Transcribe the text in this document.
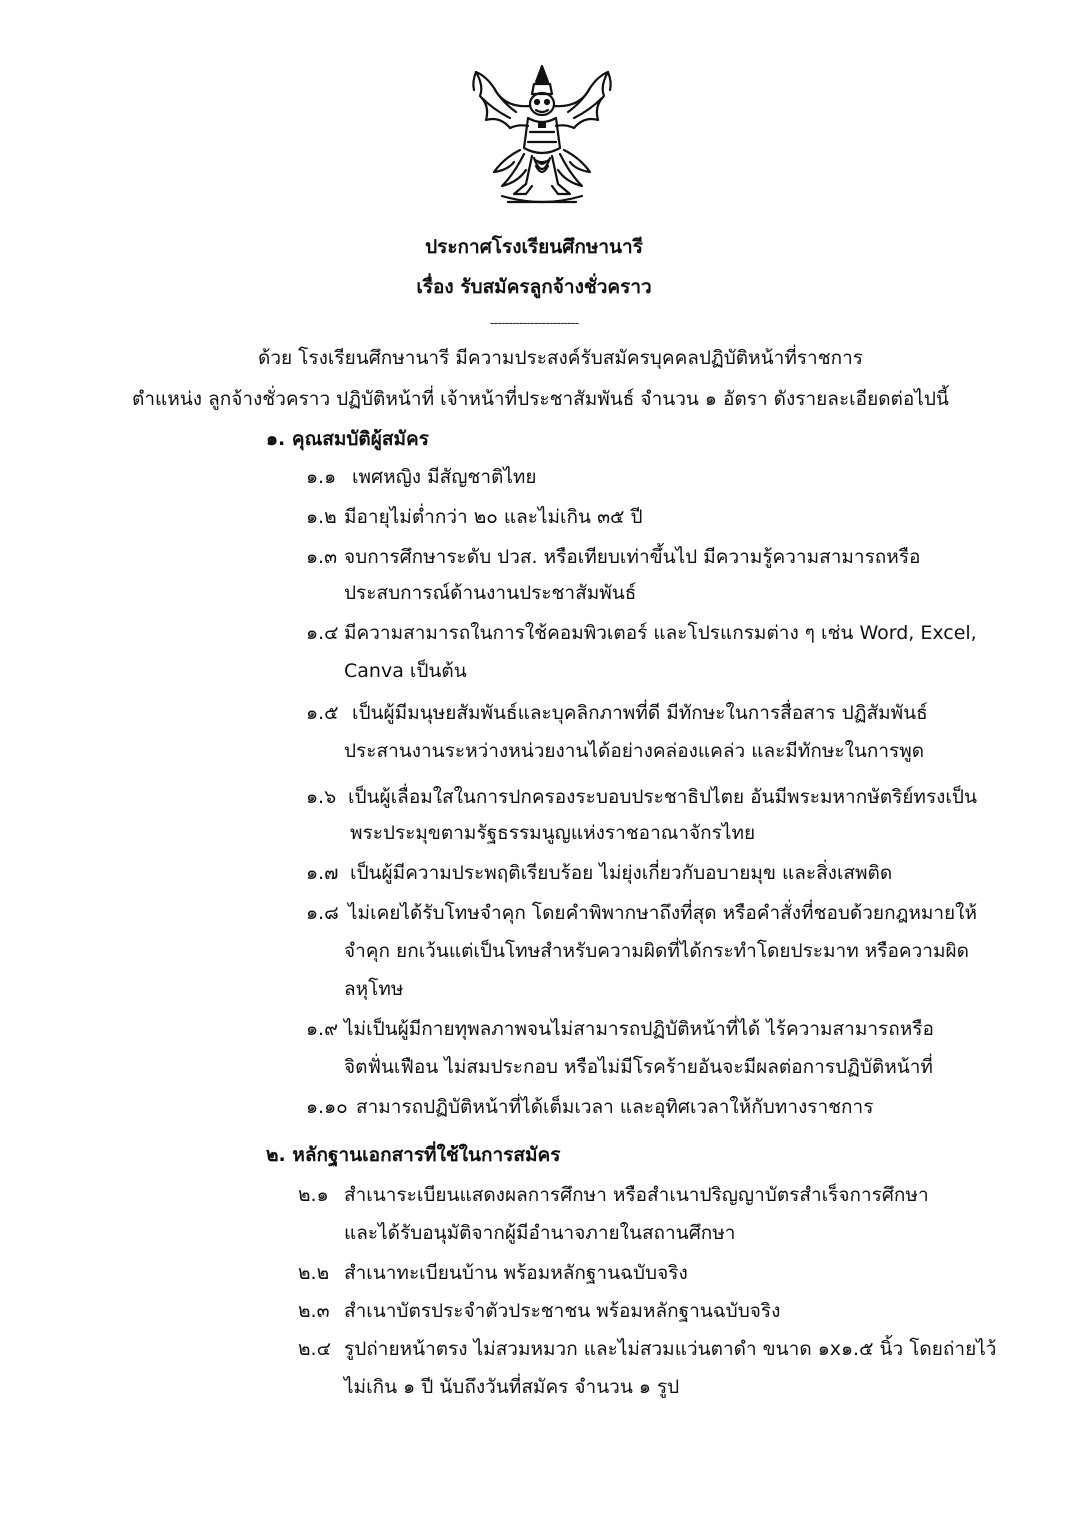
ประกาศโรงเรียนศึกษานารี
เรื่อง รับสมัครลูกจ้างชั่วคราว
------------------------
ด้วย โรงเรียนศึกษานารี มีความประสงค์รับสมัครบุคคลปฏิบัติหน้าที่ราชการ
ตำแหน่ง ลูกจ้างชั่วคราว ปฏิบัติหน้าที่ เจ้าหน้าที่ประชาสัมพันธ์ จำนวน ๑ อัตรา ดังรายละเอียดต่อไปนี้
๑. คุณสมบัติผู้สมัคร
๑.๑ เพศหญิง มีสัญชาติไทย
๑.๒ มีอายุไม่ต่ำกว่า ๒๐ และไม่เกิน ๓๕ ปี
๑.๓ จบการศึกษาระดับ ปวส. หรือเทียบเท่าขึ้นไป มีความรู้ความสามารถหรือ
ประสบการณ์ด้านงานประชาสัมพันธ์
๑.๔ มีความสามารถในการใช้คอมพิวเตอร์ และโปรแกรมต่าง ๆ เช่น Word, Excel,
Canva เป็นต้น
๑.๕ เป็นผู้มีมนุษยสัมพันธ์และบุคลิกภาพที่ดี มีทักษะในการสื่อสาร ปฏิสัมพันธ์
ประสานงานระหว่างหน่วยงานได้อย่างคล่องแคล่ว และมีทักษะในการพูด
๑.๖ เป็นผู้เลื่อมใสในการปกครองระบอบประชาธิปไตย อันมีพระมหากษัตริย์ทรงเป็น
พระประมุขตามรัฐธรรมนูญแห่งราชอาณาจักรไทย
๑.๗ เป็นผู้มีความประพฤติเรียบร้อย ไม่ยุ่งเกี่ยวกับอบายมุข และสิ่งเสพติด
๑.๘ ไม่เคยได้รับโทษจำคุก โดยคำพิพากษาถึงที่สุด หรือคำสั่งที่ชอบด้วยกฎหมายให้
จำคุก ยกเว้นแต่เป็นโทษสำหรับความผิดที่ได้กระทำโดยประมาท หรือความผิด
ลหุโทษ
๑.๙ ไม่เป็นผู้มีกายทุพลภาพจนไม่สามารถปฏิบัติหน้าที่ได้ ไร้ความสามารถหรือ
จิตฟั่นเฟือน ไม่สมประกอบ หรือไม่มีโรคร้ายอันจะมีผลต่อการปฏิบัติหน้าที่
๑.๑๐ สามารถปฏิบัติหน้าที่ได้เต็มเวลา และอุทิศเวลาให้กับทางราชการ
๒. หลักฐานเอกสารที่ใช้ในการสมัคร
๒.๑ สำเนาระเบียนแสดงผลการศึกษา หรือสำเนาปริญญาบัตรสำเร็จการศึกษา
และได้รับอนุมัติจากผู้มีอำนาจภายในสถานศึกษา
๒.๒ สำเนาทะเบียนบ้าน พร้อมหลักฐานฉบับจริง
๒.๓ สำเนาบัตรประจำตัวประชาชน พร้อมหลักฐานฉบับจริง
๒.๔ รูปถ่ายหน้าตรง ไม่สวมหมวก และไม่สวมแว่นตาดำ ขนาด ๑x๑.๕ นิ้ว โดยถ่ายไว้
ไม่เกิน ๑ ปี นับถึงวันที่สมัคร จำนวน ๑ รูป
